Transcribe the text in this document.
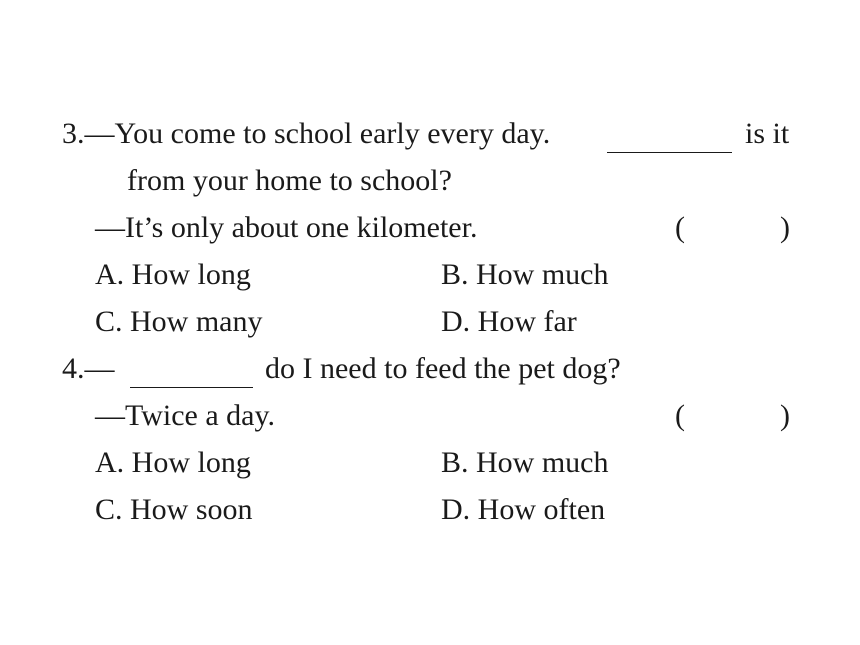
3.—You come to school early every day.	is it
from your home to school?
—It’s only about one kilometer.	(	)
A. How long	B. How much
C. How many	D. How far
4.—	do I need to feed the pet dog?
—Twice a day.	(	)
A. How long	B. How much
C. How soon	D. How often
